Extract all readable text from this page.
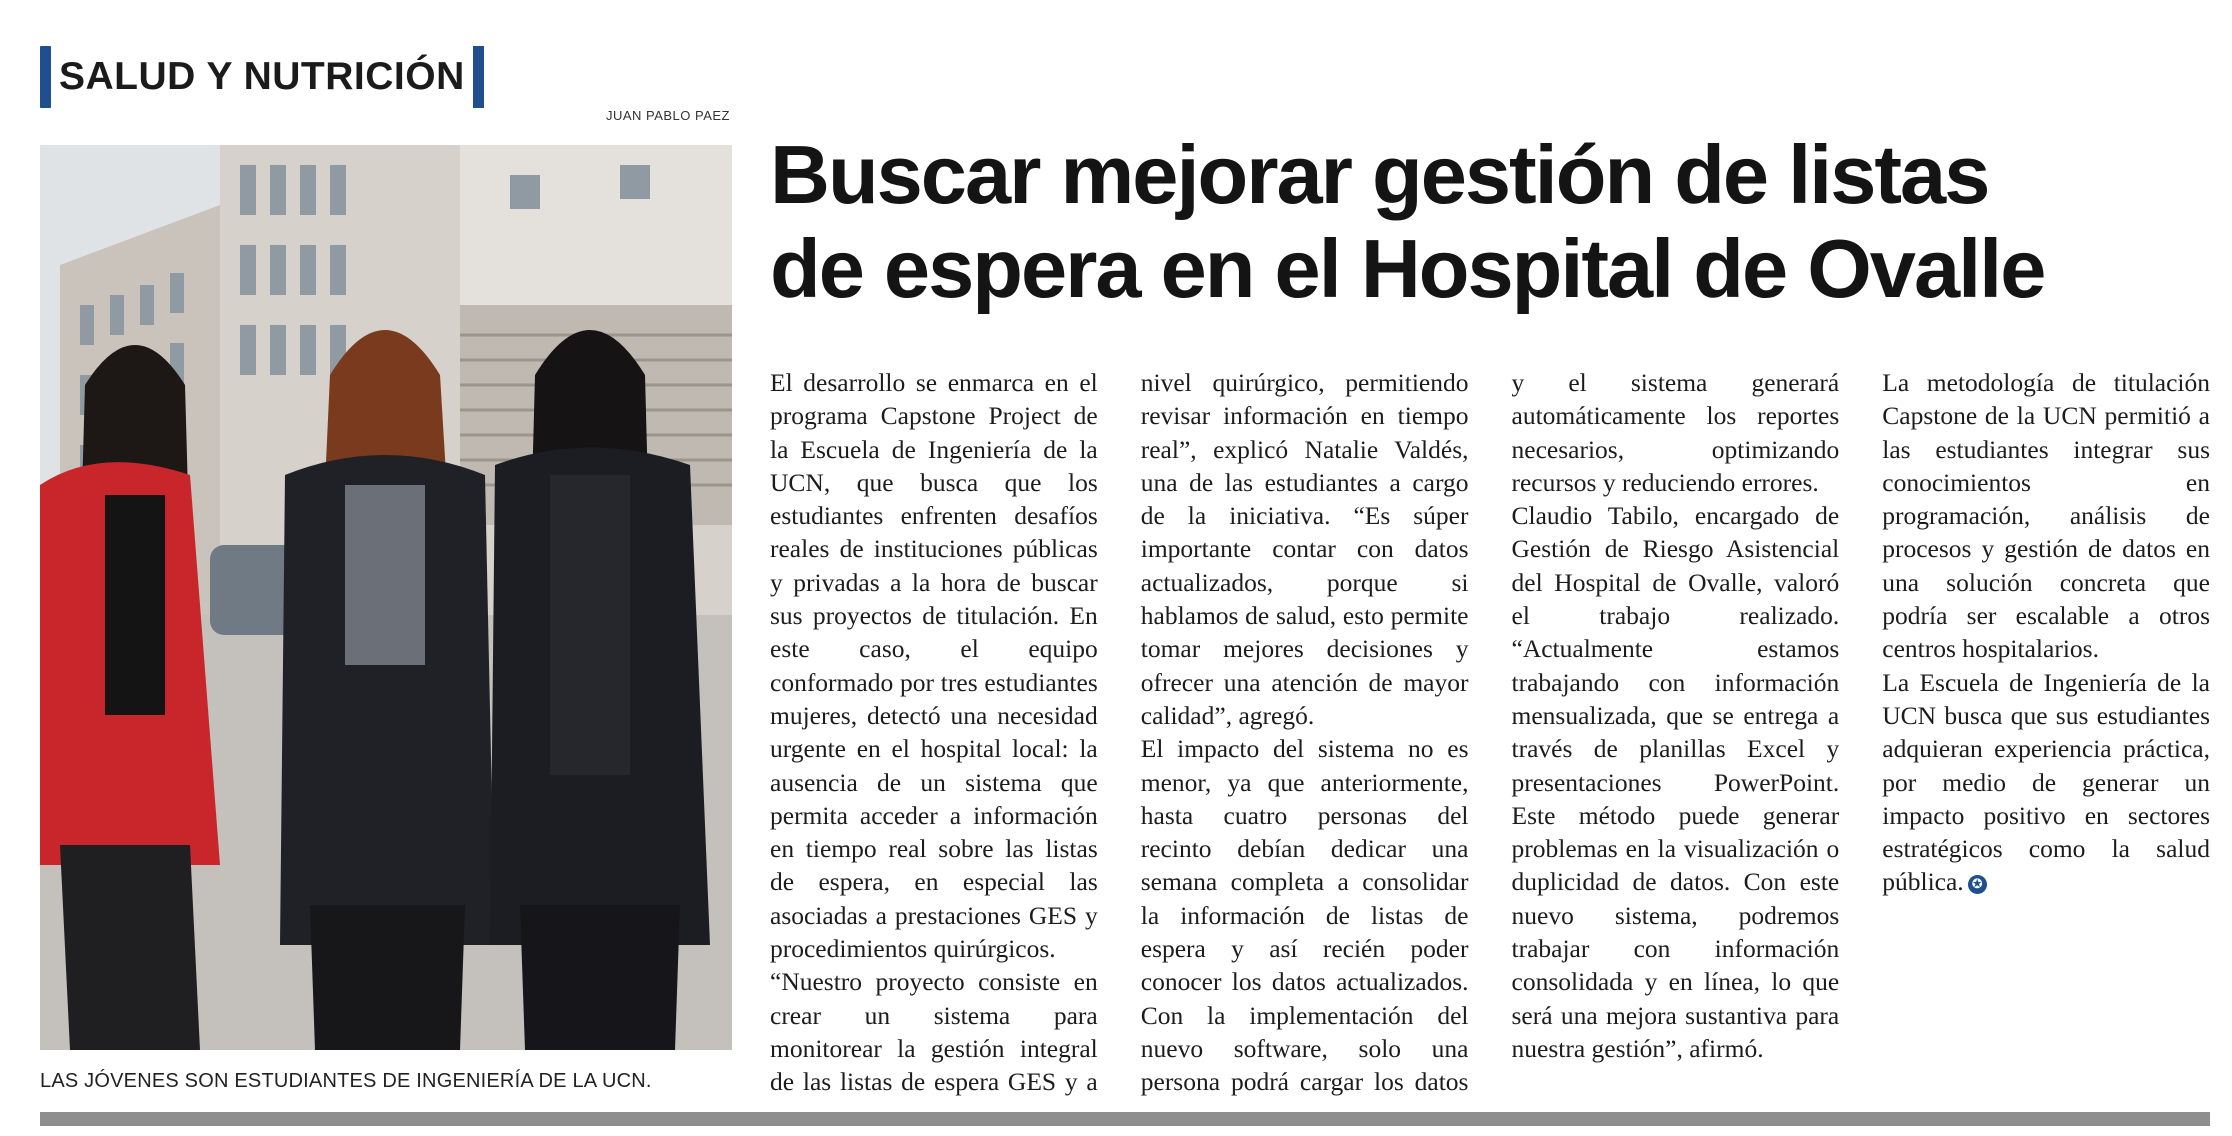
SALUD Y NUTRICIÓN
JUAN PABLO PAEZ
LAS JÓVENES SON ESTUDIANTES DE INGENIERÍA DE LA UCN.
Buscar mejorar gestión de listas
de espera en el Hospital de Ovalle

El desarrollo se enmarca en el programa Capstone Project de la Escuela de Ingeniería de la UCN, que busca que los estudiantes enfrenten desafíos reales de instituciones públicas y privadas a la hora de buscar sus proyectos de titulación. En este caso, el equipo conformado por tres estudiantes mujeres, detectó una necesidad urgente en el hospital local: la ausencia de un sistema que permita acceder a información en tiempo real sobre las listas de espera, en especial las asociadas a prestaciones GES y procedimientos quirúrgicos.

“Nuestro proyecto consiste en crear un sistema para monitorear la gestión integral de las listas de espera GES y a nivel quirúrgico, permitiendo revisar información en tiempo real”, explicó Natalie Valdés, una de las estudiantes a cargo de la iniciativa. “Es súper importante contar con datos actualizados, porque si hablamos de salud, esto permite tomar mejores decisiones y ofrecer una atención de mayor calidad”, agregó.

El impacto del sistema no es menor, ya que anteriormente, hasta cuatro personas del recinto debían dedicar una semana completa a consolidar la información de listas de espera y así recién poder conocer los datos actualizados. Con la implementación del nuevo software, solo una persona podrá cargar los datos y el sistema generará automáticamente los reportes necesarios, optimizando recursos y reduciendo errores.

Claudio Tabilo, encargado de Gestión de Riesgo Asistencial del Hospital de Ovalle, valoró el trabajo realizado. “Actualmente estamos trabajando con información mensualizada, que se entrega a través de planillas Excel y presentaciones PowerPoint. Este método puede generar problemas en la visualización o duplicidad de datos. Con este nuevo sistema, podremos trabajar con información consolidada y en línea, lo que será una mejora sustantiva para nuestra gestión”, afirmó.

La metodología de titulación Capstone de la UCN permitió a las estudiantes integrar sus conocimientos en programación, análisis de procesos y gestión de datos en una solución concreta que podría ser escalable a otros centros hospitalarios.

La Escuela de Ingeniería de la UCN busca que sus estudiantes adquieran experiencia práctica, por medio de generar un impacto positivo en sectores estratégicos como la salud pública. ✪
